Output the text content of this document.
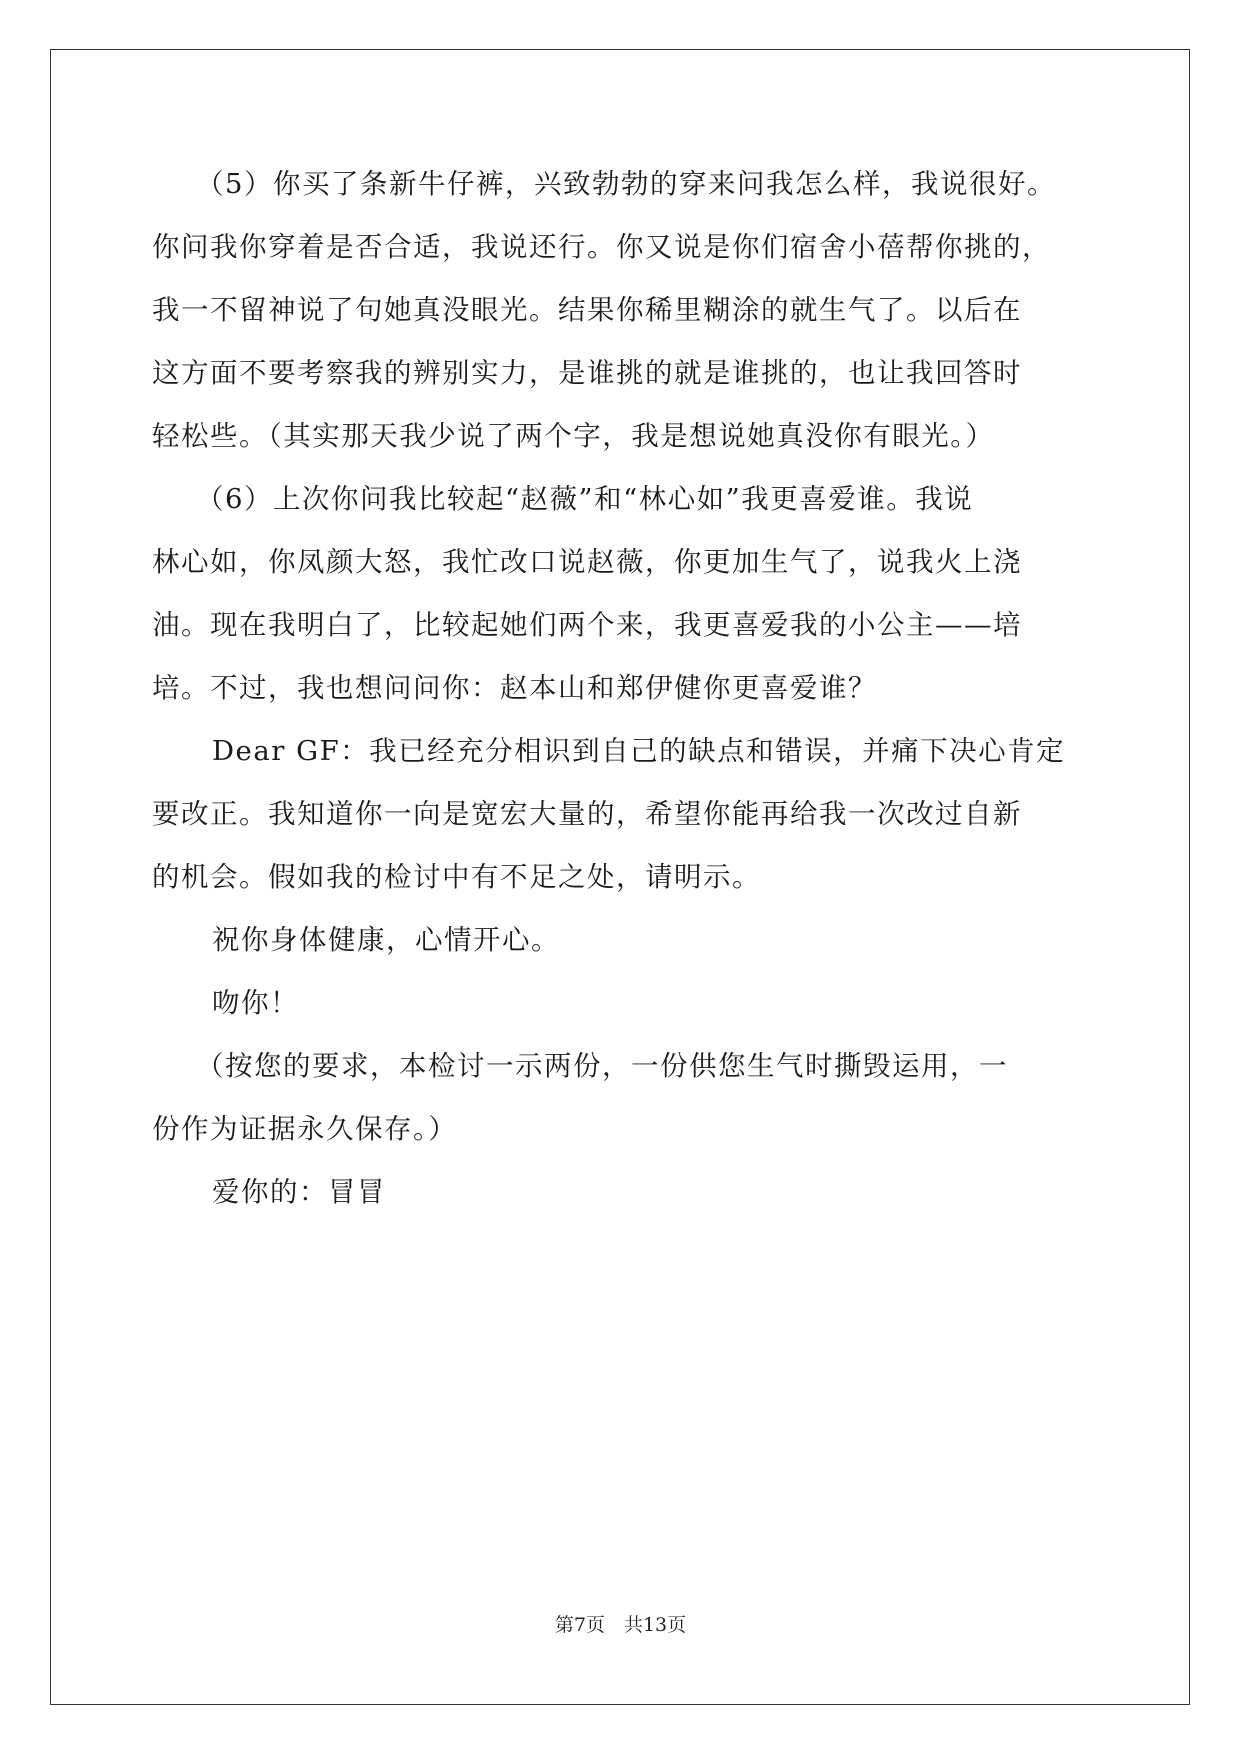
（5）你买了条新牛仔裤，兴致勃勃的穿来问我怎么样，我说很好。
你问我你穿着是否合适，我说还行。你又说是你们宿舍小蓓帮你挑的，
我一不留神说了句她真没眼光。结果你稀里糊涂的就生气了。以后在
这方面不要考察我的辨别实力，是谁挑的就是谁挑的，也让我回答时
轻松些。（其实那天我少说了两个字，我是想说她真没你有眼光。）
（6）上次你问我比较起“赵薇”和“林心如”我更喜爱谁。我说
林心如，你凤颜大怒，我忙改口说赵薇，你更加生气了，说我火上浇
油。现在我明白了，比较起她们两个来，我更喜爱我的小公主——培
培。不过，我也想问问你：赵本山和郑伊健你更喜爱谁？
Dear GF：我已经充分相识到自己的缺点和错误，并痛下决心肯定
要改正。我知道你一向是宽宏大量的，希望你能再给我一次改过自新
的机会。假如我的检讨中有不足之处，请明示。
祝你身体健康，心情开心。
吻你！
（按您的要求，本检讨一示两份，一份供您生气时撕毁运用，一
份作为证据永久保存。）
爱你的：冒冒
第7页　共13页
